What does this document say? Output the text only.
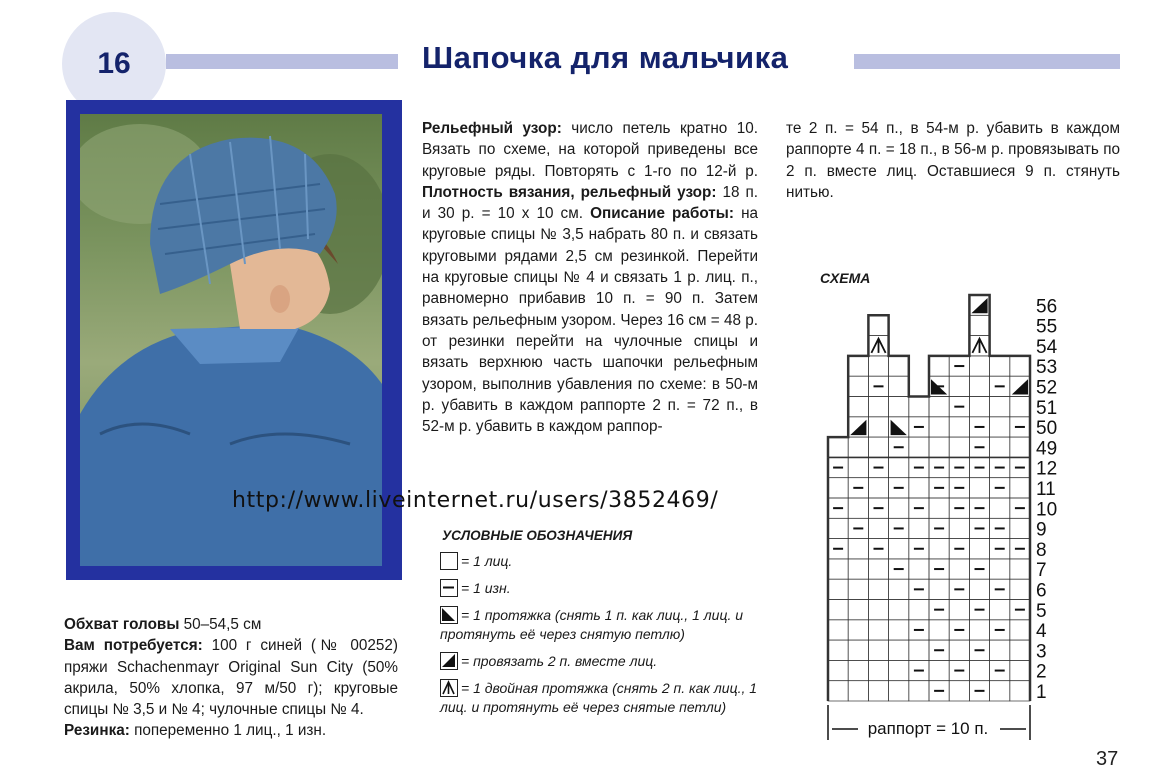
16	Шапочка для мальчика
Обхват головы 50–54,5 см
Вам потребуется: 100 г синей (№ 00252) пряжи Schachenmayr Original Sun City (50% акрила, 50% хлопка, 97 м/50 г); круговые спицы № 3,5 и № 4; чулочные спицы № 4.
Резинка: попеременно 1 лиц., 1 изн.
Рельефный узор: число петель кратно 10. Вязать по схеме, на которой приведены все круговые ряды. Повторять с 1-го по 12-й р. Плотность вязания, рельефный узор: 18 п. и 30 р. = 10 х 10 см. Описание работы: на круговые спицы № 3,5 набрать 80 п. и связать круговыми рядами 2,5 см резинкой. Перейти на круговые спицы № 4 и связать 1 р. лиц. п., равномерно прибавив 10 п. = 90 п. Затем вязать рельефным узором. Через 16 см = 48 р. от резинки перейти на чулочные спицы и вязать верхнюю часть шапочки рельефным узором, выполнив убавления по схеме: в 50-м р. убавить в каждом раппорте 2 п. = 72 п., в 52-м р. убавить в каждом раппор-
те 2 п. = 54 п., в 54-м р. убавить в каждом раппорте 4 п. = 18 п., в 56-м р. провязывать по 2 п. вместе лиц. Оставшиеся 9 п. стянуть нитью.
http://www.liveinternet.ru/users/3852469/
УСЛОВНЫЕ ОБОЗНАЧЕНИЯ
= 1 лиц.
= 1 изн.
= 1 протяжка (снять 1 п. как лиц., 1 лиц. и протянуть её через снятую петлю)
= провязать 2 п. вместе лиц.
= 1 двойная протяжка (снять 2 п. как лиц., 1 лиц. и протянуть её через снятые петли)
СХЕМА
56
55
54
53
52
51
50
49
12
11
10
9
8
7
6
5
4
3
2
1
раппорт = 10 п.
37
